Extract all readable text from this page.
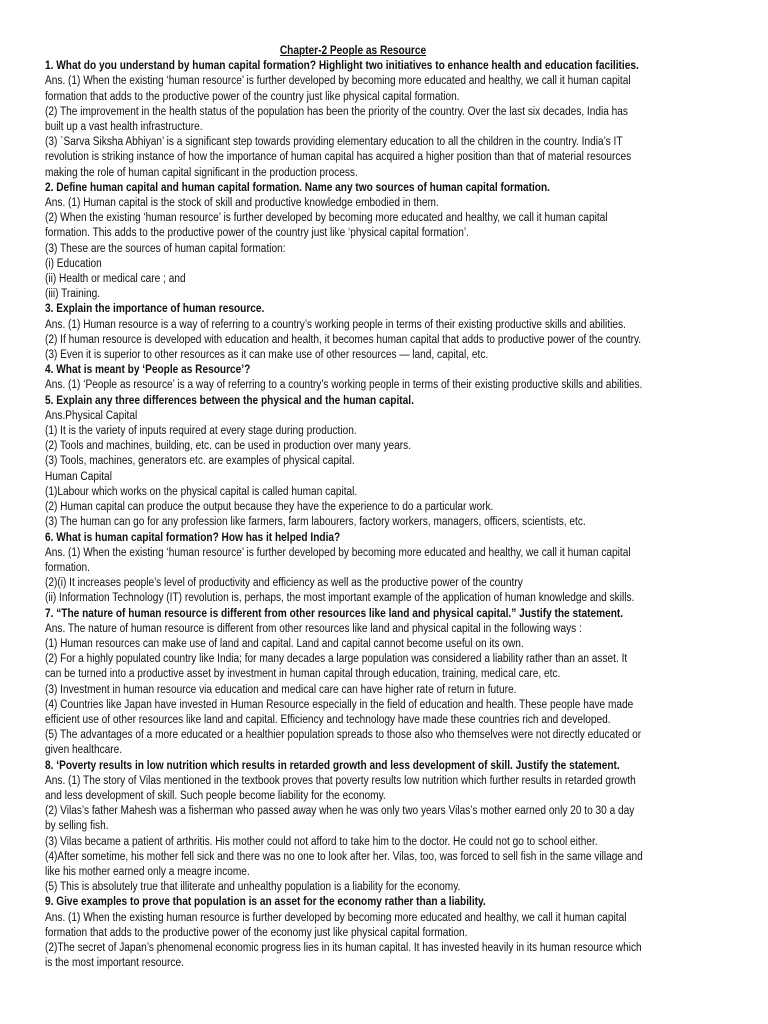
Chapter-2 People as Resource
1. What do you understand by human capital formation? Highlight two initiatives to enhance health and education facilities.
Ans. (1) When the existing ‘human resource’ is further developed by becoming more educated and healthy, we call it human capital formation that adds to the productive power of the country just like physical capital formation.
(2) The improvement in the health status of the population has been the priority of the country. Over the last six decades, India has built up a vast health infrastructure.
(3) `Sarva Siksha Abhiyan’ is a significant step towards providing elementary education to all the children in the country. India’s IT revolution is striking instance of how the importance of human capital has acquired a higher position than that of material resources making the role of human capital significant in the production process.
2. Define human capital and human capital formation. Name any two sources of human capital formation.
Ans. (1) Human capital is the stock of skill and productive knowledge embodied in them.
(2) When the existing ‘human resource’ is further developed by becoming more educated and healthy, we call it human capital formation. This adds to the productive power of the country just like ‘physical capital formation’.
(3) These are the sources of human capital formation:
(i) Education
(ii) Health or medical care ; and
(iii) Training.
3. Explain the importance of human resource.
Ans. (1) Human resource is a way of referring to a country’s working people in terms of their existing productive skills and abilities.
(2) If human resource is developed with education and health, it becomes human capital that adds to productive power of the country.
(3) Even it is superior to other resources as it can make use of other resources — land, capital, etc.
4. What is meant by ‘People as Resource’?
Ans. (1) ‘People as resource’ is a way of referring to a country’s working people in terms of their existing productive skills and abilities.
5. Explain any three differences between the physical and the human capital.
Ans.Physical Capital
(1) It is the variety of inputs required at every stage during production.
(2) Tools and machines, building, etc. can be used in production over many years.
(3) Tools, machines, generators etc. are examples of physical capital.
Human Capital
(1)Labour which works on the physical capital is called human capital.
(2) Human capital can produce the output because they have the experience to do a particular work.
(3) The human can go for any profession like farmers, farm labourers, factory workers, managers, officers, scientists, etc.
6. What is human capital formation? How has it helped India?
Ans. (1) When the existing ‘human resource’ is further developed by becoming more educated and healthy, we call it human capital formation.
(2)(i) It increases people’s level of productivity and efficiency as well as the productive power of the country
(ii) Information Technology (IT) revolution is, perhaps, the most important example of the application of human knowledge and skills.
7. “The nature of human resource is different from other resources like land and physical capital.” Justify the statement.
Ans. The nature of human resource is different from other resources like land and physical capital in the following ways :
(1) Human resources can make use of land and capital. Land and capital cannot become useful on its own.
(2) For a highly populated country like India; for many decades a large population was considered a liability rather than an asset. It can be turned into a productive asset by investment in human capital through education, training, medical care, etc.
(3) Investment in human resource via education and medical care can have higher rate of return in future.
(4) Countries like Japan have invested in Human Resource especially in the field of education and health. These people have made efficient use of other resources like land and capital. Efficiency and technology have made these countries rich and developed.
(5) The advantages of a more educated or a healthier population spreads to those also who themselves were not directly educated or given healthcare.
8. ‘Poverty results in low nutrition which results in retarded growth and less development of skill. Justify the statement.
Ans. (1) The story of Vilas mentioned in the textbook proves that poverty results low nutrition which further results in retarded growth and less development of skill. Such people become liability for the economy.
(2) Vilas’s father Mahesh was a fisherman who passed away when he was only two years Vilas’s mother earned only 20 to 30 a day by selling fish.
(3) Vilas became a patient of arthritis. His mother could not afford to take him to the doctor. He could not go to school either.
(4)After sometime, his mother fell sick and there was no one to look after her. Vilas, too, was forced to sell fish in the same village and like his mother earned only a meagre income.
(5) This is absolutely true that illiterate and unhealthy population is a liability for the economy.
9. Give examples to prove that population is an asset for the economy rather than a liability.
Ans. (1) When the existing human resource is further developed by becoming more educated and healthy, we call it human capital formation that adds to the productive power of the economy just like physical capital formation.
(2)The secret of Japan’s phenomenal economic progress lies in its human capital. It has invested heavily in its human resource which is the most important resource.
